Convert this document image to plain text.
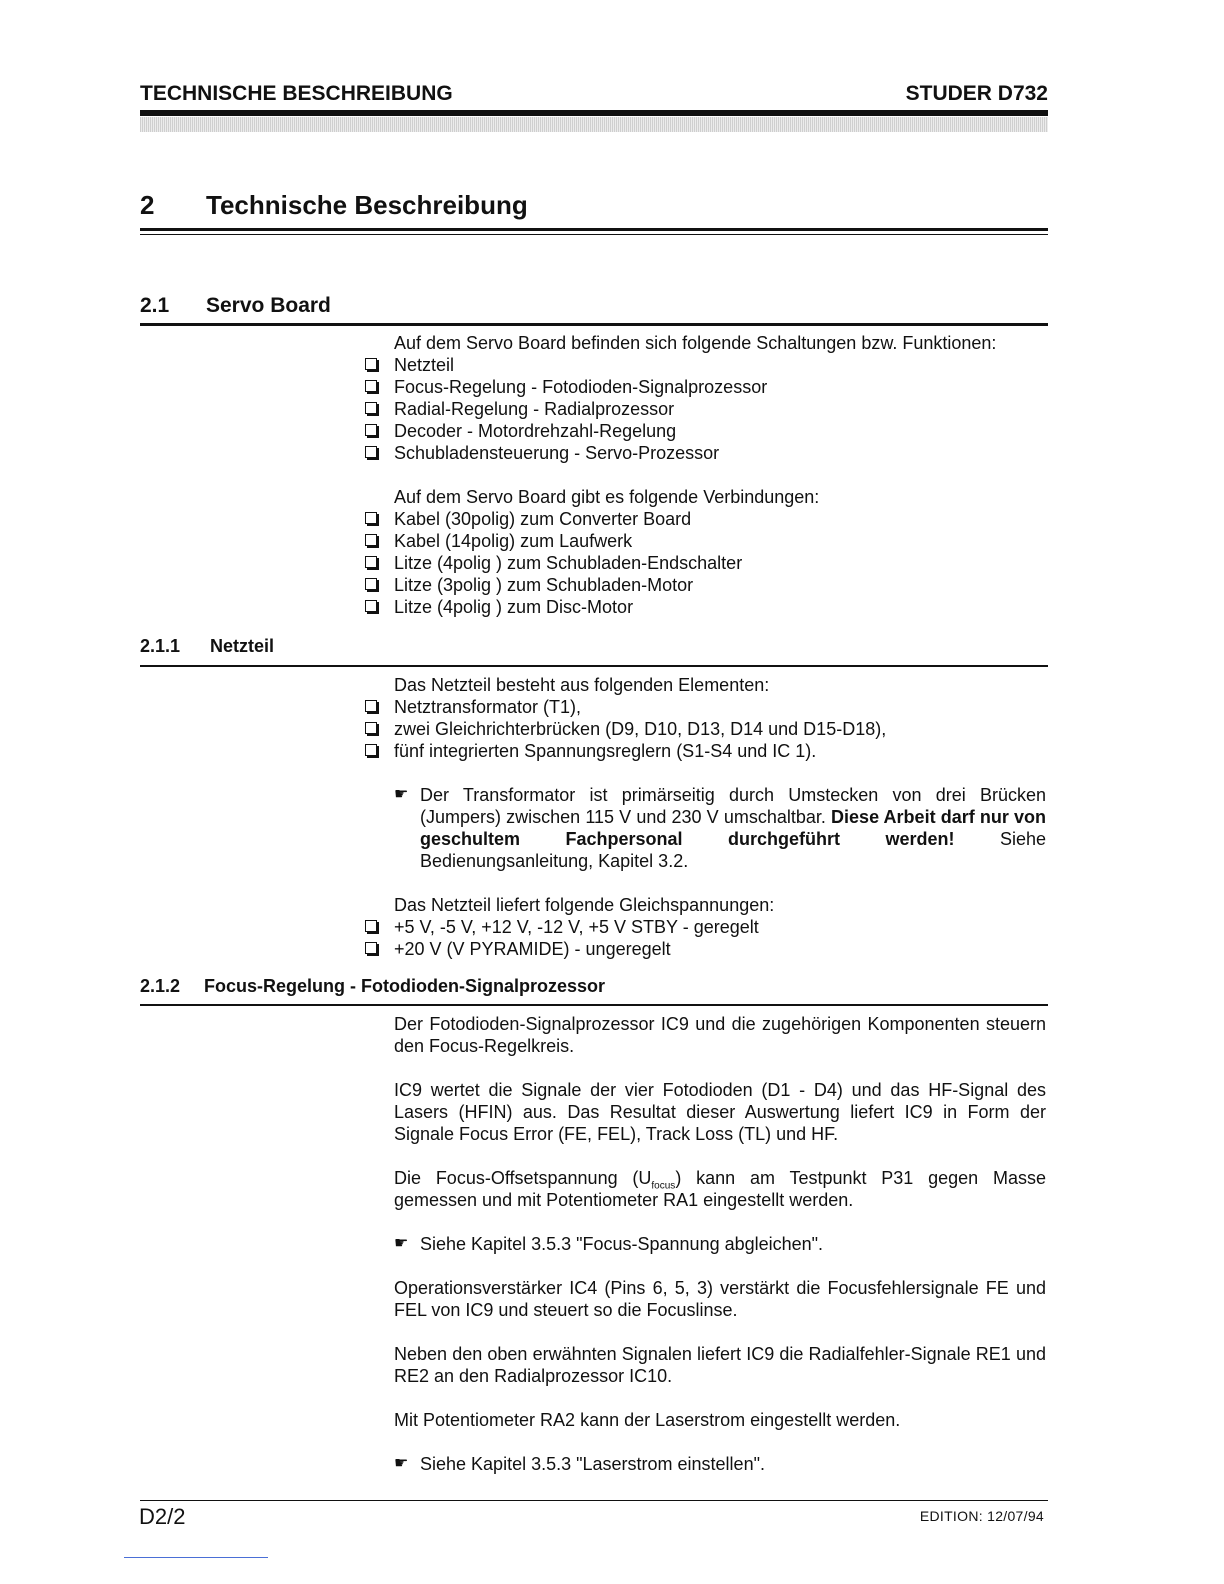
TECHNISCHE BESCHREIBUNG	STUDER D732
2 Technische Beschreibung
2.1 Servo Board

Auf dem Servo Board befinden sich folgende Schaltungen bzw. Funktionen:

Netzteil
Focus-Regelung - Fotodioden-Signalprozessor
Radial-Regelung - Radialprozessor
Decoder - Motordrehzahl-Regelung
Schubladensteuerung - Servo-Prozessor

Auf dem Servo Board gibt es folgende Verbindungen:

Kabel (30polig) zum Converter Board
Kabel (14polig) zum Laufwerk
Litze (4polig ) zum Schubladen-Endschalter
Litze (3polig ) zum Schubladen-Motor
Litze (4polig ) zum Disc-Motor
2.1.1 Netzteil

Das Netzteil besteht aus folgenden Elementen:

Netztransformator (T1),
zwei Gleichrichterbrücken (D9, D10, D13, D14 und D15-D18),
fünf integrierten Spannungsreglern (S1-S4 und IC 1).
☛ Der Transformator ist primärseitig durch Umstecken von drei Brücken (Jumpers) zwischen 115 V und 230 V umschaltbar. Diese Arbeit darf nur von geschultem Fachpersonal durchgeführt werden! Siehe Bedienungsanleitung, Kapitel 3.2.

Das Netzteil liefert folgende Gleichspannungen:

+5 V, -5 V, +12 V, -12 V, +5 V STBY - geregelt
+20 V (V PYRAMIDE) - ungeregelt
2.1.2 Focus-Regelung - Fotodioden-Signalprozessor

Der Fotodioden-Signalprozessor IC9 und die zugehörigen Komponenten steuern den Focus-Regelkreis.

IC9 wertet die Signale der vier Fotodioden (D1 - D4) und das HF-Signal des Lasers (HFIN) aus. Das Resultat dieser Auswertung liefert IC9 in Form der Signale Focus Error (FE, FEL), Track Loss (TL) und HF.

Die Focus-Offsetspannung $(U_{focus})$ kann am Testpunkt P31 gegen Masse gemessen und mit Potentiometer RA1 eingestellt werden.

☛ Siehe Kapitel 3.5.3 "Focus-Spannung abgleichen".

Operationsverstärker IC4 (Pins 6, 5, 3) verstärkt die Focusfehlersignale FE und FEL von IC9 und steuert so die Focuslinse.

Neben den oben erwähnten Signalen liefert IC9 die Radialfehler-Signale RE1 und RE2 an den Radialprozessor IC10.

Mit Potentiometer RA2 kann der Laserstrom eingestellt werden.

☛ Siehe Kapitel 3.5.3 "Laserstrom einstellen".
D2/2	EDITION: 12/07/94
